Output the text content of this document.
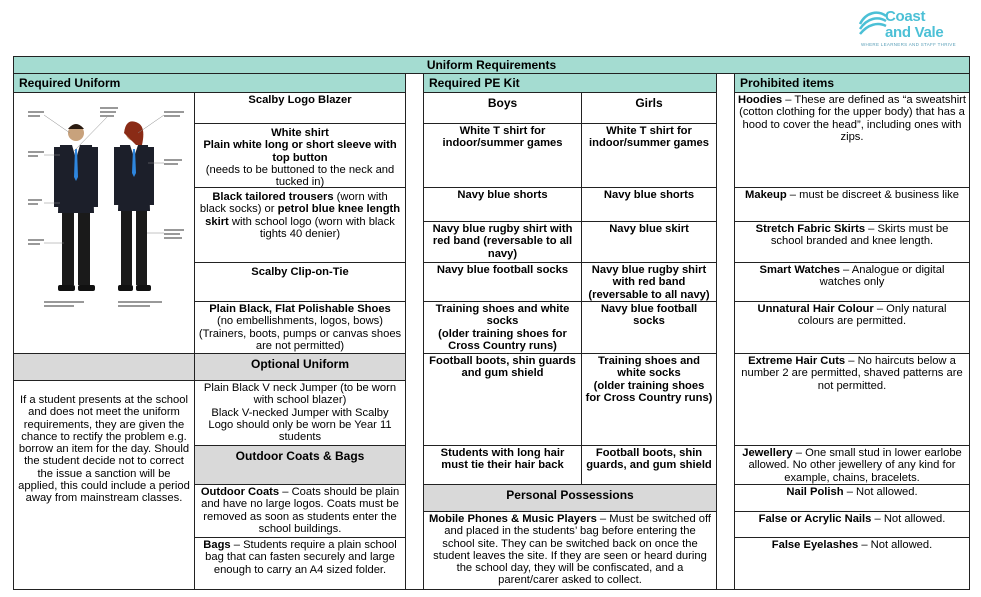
Coast
and Vale
WHERE LEARNERS AND STAFF THRIVE
Uniform Requirements
Required Uniform
Scalby Logo Blazer
White shirt
Plain white long or short sleeve with top button
(needs to be buttoned to the neck and tucked in)
Black tailored trousers (worn with black socks) or petrol blue knee length skirt with school logo (worn with black tights 40 denier)
Scalby Clip-on-Tie
Plain Black, Flat Polishable Shoes
(no embellishments, logos, bows) (Trainers, boots, pumps or canvas shoes are not permitted)
If a student presents at the school and does not meet the uniform requirements, they are given the chance to rectify the problem e.g. borrow an item for the day. Should the student decide not to correct the issue a sanction will be applied, this could include a period away from mainstream classes.
Optional Uniform
Plain Black V neck Jumper (to be worn with school blazer)
Black V-necked Jumper with Scalby Logo should only be worn be Year 11 students
Outdoor Coats & Bags
Outdoor Coats – Coats should be plain and have no large logos. Coats must be removed as soon as students enter the school buildings.
Bags – Students require a plain school bag that can fasten securely and large enough to carry an A4 sized folder.
Required PE Kit
Boys	Girls
White T shirt for indoor/summer games
Navy blue shorts
Navy blue rugby shirt with red band (reversable to all navy)
Navy blue football socks
Training shoes and white socks
(older training shoes for Cross Country runs)
Football boots, shin guards and gum shield
Students with long hair must tie their hair back
White T shirt for indoor/summer games
Navy blue shorts
Navy blue skirt
Navy blue rugby shirt with red band (reversable to all navy)
Navy blue football socks
Training shoes and white socks
(older training shoes for Cross Country runs)
Football boots, shin guards, and gum shield
Personal Possessions
Mobile Phones & Music Players – Must be switched off and placed in the students’ bag before entering the school site. They can be switched back on once the student leaves the site. If they are seen or heard during the school day, they will be confiscated, and a parent/carer asked to collect.
Prohibited items
Hoodies – These are defined as “a sweatshirt (cotton clothing for the upper body) that has a hood to cover the head”, including ones with zips.
Makeup – must be discreet & business like
Stretch Fabric Skirts – Skirts must be school branded and knee length.
Smart Watches – Analogue or digital watches only
Unnatural Hair Colour – Only natural colours are permitted.
Extreme Hair Cuts – No haircuts below a number 2 are permitted, shaved patterns are not permitted.
Jewellery – One small stud in lower earlobe allowed. No other jewellery of any kind for example, chains, bracelets.
Nail Polish – Not allowed.
False or Acrylic Nails – Not allowed.
False Eyelashes – Not allowed.
